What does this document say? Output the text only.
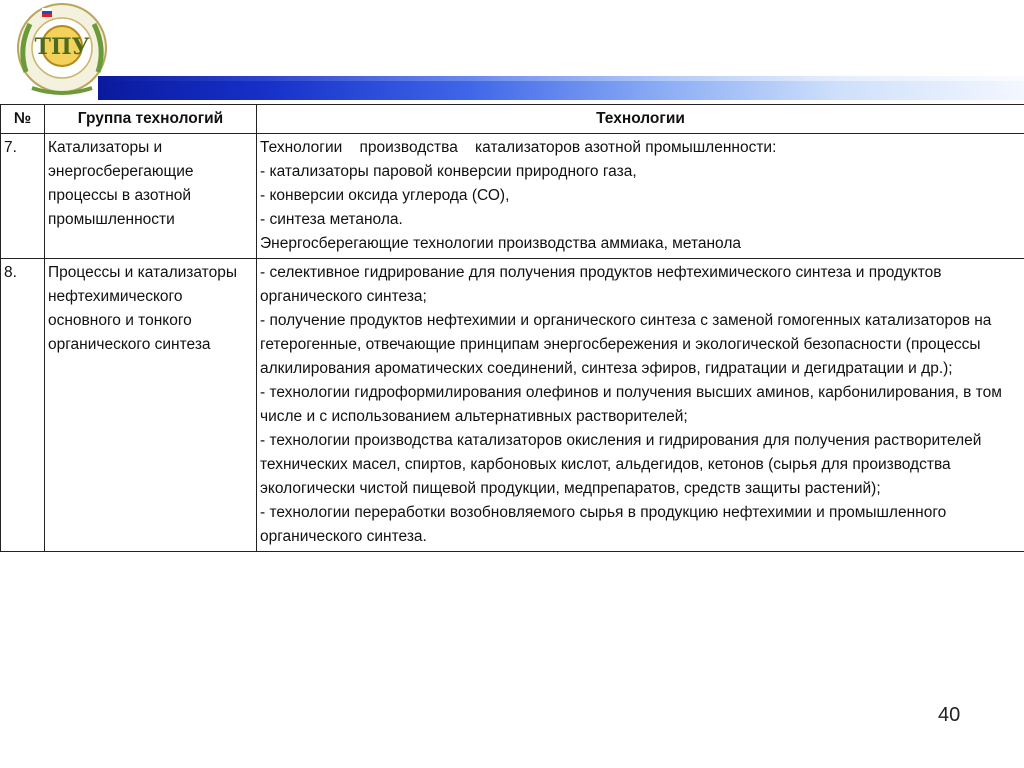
ТПУ
№	Группа технологий	Технологии
7.	Катализаторы и энергосберегающие процессы в азотной промышленности	Технологии    производства    катализаторов азотной промышленности:
- катализаторы паровой конверсии природного газа,
- конверсии оксида углерода (СО),
- синтеза метанола.
Энергосберегающие технологии производства аммиака, метанола

8.	Процессы и катализаторы нефтехимического основного и тонкого органического синтеза	- селективное гидрирование для получения продуктов нефтехимического синтеза и продуктов органического синтеза;
- получение продуктов нефтехимии и органического синтеза с заменой гомогенных катализаторов на гетерогенные, отвечающие принципам энергосбережения и экологической безопасности (процессы алкилирования ароматических соединений, синтеза эфиров, гидратации и дегидратации и др.);
- технологии гидроформилирования олефинов и получения высших аминов, карбонилирования, в том числе и с использованием альтернативных растворителей;
- технологии производства катализаторов окисления и гидрирования для получения растворителей технических масел, спиртов, карбоновых кислот, альдегидов, кетонов (сырья для производства экологически чистой пищевой продукции, медпрепаратов, средств защиты растений);
- технологии переработки возобновляемого сырья в продукцию нефтехимии и промышленного органического синтеза.
40
